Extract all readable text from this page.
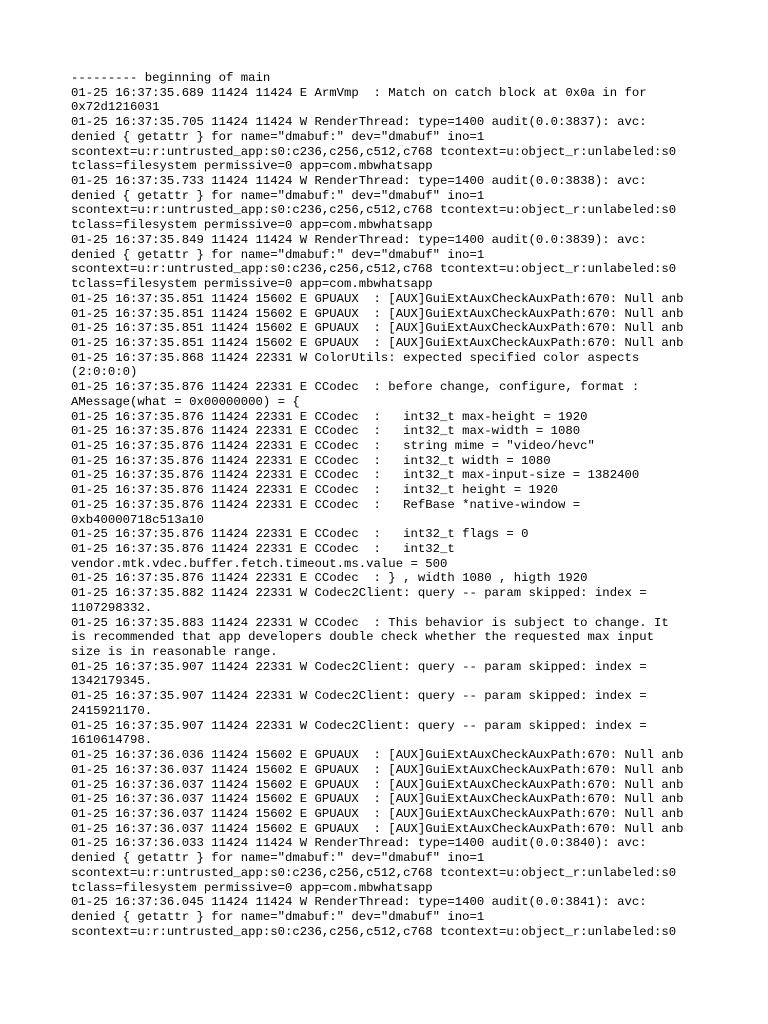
--------- beginning of main
01-25 16:37:35.689 11424 11424 E ArmVmp  : Match on catch block at 0x0a in for
0x72d1216031
01-25 16:37:35.705 11424 11424 W RenderThread: type=1400 audit(0.0:3837): avc:
denied { getattr } for name="dmabuf:" dev="dmabuf" ino=1
scontext=u:r:untrusted_app:s0:c236,c256,c512,c768 tcontext=u:object_r:unlabeled:s0
tclass=filesystem permissive=0 app=com.mbwhatsapp
01-25 16:37:35.733 11424 11424 W RenderThread: type=1400 audit(0.0:3838): avc:
denied { getattr } for name="dmabuf:" dev="dmabuf" ino=1
scontext=u:r:untrusted_app:s0:c236,c256,c512,c768 tcontext=u:object_r:unlabeled:s0
tclass=filesystem permissive=0 app=com.mbwhatsapp
01-25 16:37:35.849 11424 11424 W RenderThread: type=1400 audit(0.0:3839): avc:
denied { getattr } for name="dmabuf:" dev="dmabuf" ino=1
scontext=u:r:untrusted_app:s0:c236,c256,c512,c768 tcontext=u:object_r:unlabeled:s0
tclass=filesystem permissive=0 app=com.mbwhatsapp
01-25 16:37:35.851 11424 15602 E GPUAUX  : [AUX]GuiExtAuxCheckAuxPath:670: Null anb
01-25 16:37:35.851 11424 15602 E GPUAUX  : [AUX]GuiExtAuxCheckAuxPath:670: Null anb
01-25 16:37:35.851 11424 15602 E GPUAUX  : [AUX]GuiExtAuxCheckAuxPath:670: Null anb
01-25 16:37:35.851 11424 15602 E GPUAUX  : [AUX]GuiExtAuxCheckAuxPath:670: Null anb
01-25 16:37:35.868 11424 22331 W ColorUtils: expected specified color aspects
(2:0:0:0)
01-25 16:37:35.876 11424 22331 E CCodec  : before change, configure, format :
AMessage(what = 0x00000000) = {
01-25 16:37:35.876 11424 22331 E CCodec  :   int32_t max-height = 1920
01-25 16:37:35.876 11424 22331 E CCodec  :   int32_t max-width = 1080
01-25 16:37:35.876 11424 22331 E CCodec  :   string mime = "video/hevc"
01-25 16:37:35.876 11424 22331 E CCodec  :   int32_t width = 1080
01-25 16:37:35.876 11424 22331 E CCodec  :   int32_t max-input-size = 1382400
01-25 16:37:35.876 11424 22331 E CCodec  :   int32_t height = 1920
01-25 16:37:35.876 11424 22331 E CCodec  :   RefBase *native-window =
0xb40000718c513a10
01-25 16:37:35.876 11424 22331 E CCodec  :   int32_t flags = 0
01-25 16:37:35.876 11424 22331 E CCodec  :   int32_t
vendor.mtk.vdec.buffer.fetch.timeout.ms.value = 500
01-25 16:37:35.876 11424 22331 E CCodec  : } , width 1080 , higth 1920
01-25 16:37:35.882 11424 22331 W Codec2Client: query -- param skipped: index =
1107298332.
01-25 16:37:35.883 11424 22331 W CCodec  : This behavior is subject to change. It
is recommended that app developers double check whether the requested max input
size is in reasonable range.
01-25 16:37:35.907 11424 22331 W Codec2Client: query -- param skipped: index =
1342179345.
01-25 16:37:35.907 11424 22331 W Codec2Client: query -- param skipped: index =
2415921170.
01-25 16:37:35.907 11424 22331 W Codec2Client: query -- param skipped: index =
1610614798.
01-25 16:37:36.036 11424 15602 E GPUAUX  : [AUX]GuiExtAuxCheckAuxPath:670: Null anb
01-25 16:37:36.037 11424 15602 E GPUAUX  : [AUX]GuiExtAuxCheckAuxPath:670: Null anb
01-25 16:37:36.037 11424 15602 E GPUAUX  : [AUX]GuiExtAuxCheckAuxPath:670: Null anb
01-25 16:37:36.037 11424 15602 E GPUAUX  : [AUX]GuiExtAuxCheckAuxPath:670: Null anb
01-25 16:37:36.037 11424 15602 E GPUAUX  : [AUX]GuiExtAuxCheckAuxPath:670: Null anb
01-25 16:37:36.037 11424 15602 E GPUAUX  : [AUX]GuiExtAuxCheckAuxPath:670: Null anb
01-25 16:37:36.033 11424 11424 W RenderThread: type=1400 audit(0.0:3840): avc:
denied { getattr } for name="dmabuf:" dev="dmabuf" ino=1
scontext=u:r:untrusted_app:s0:c236,c256,c512,c768 tcontext=u:object_r:unlabeled:s0
tclass=filesystem permissive=0 app=com.mbwhatsapp
01-25 16:37:36.045 11424 11424 W RenderThread: type=1400 audit(0.0:3841): avc:
denied { getattr } for name="dmabuf:" dev="dmabuf" ino=1
scontext=u:r:untrusted_app:s0:c236,c256,c512,c768 tcontext=u:object_r:unlabeled:s0
